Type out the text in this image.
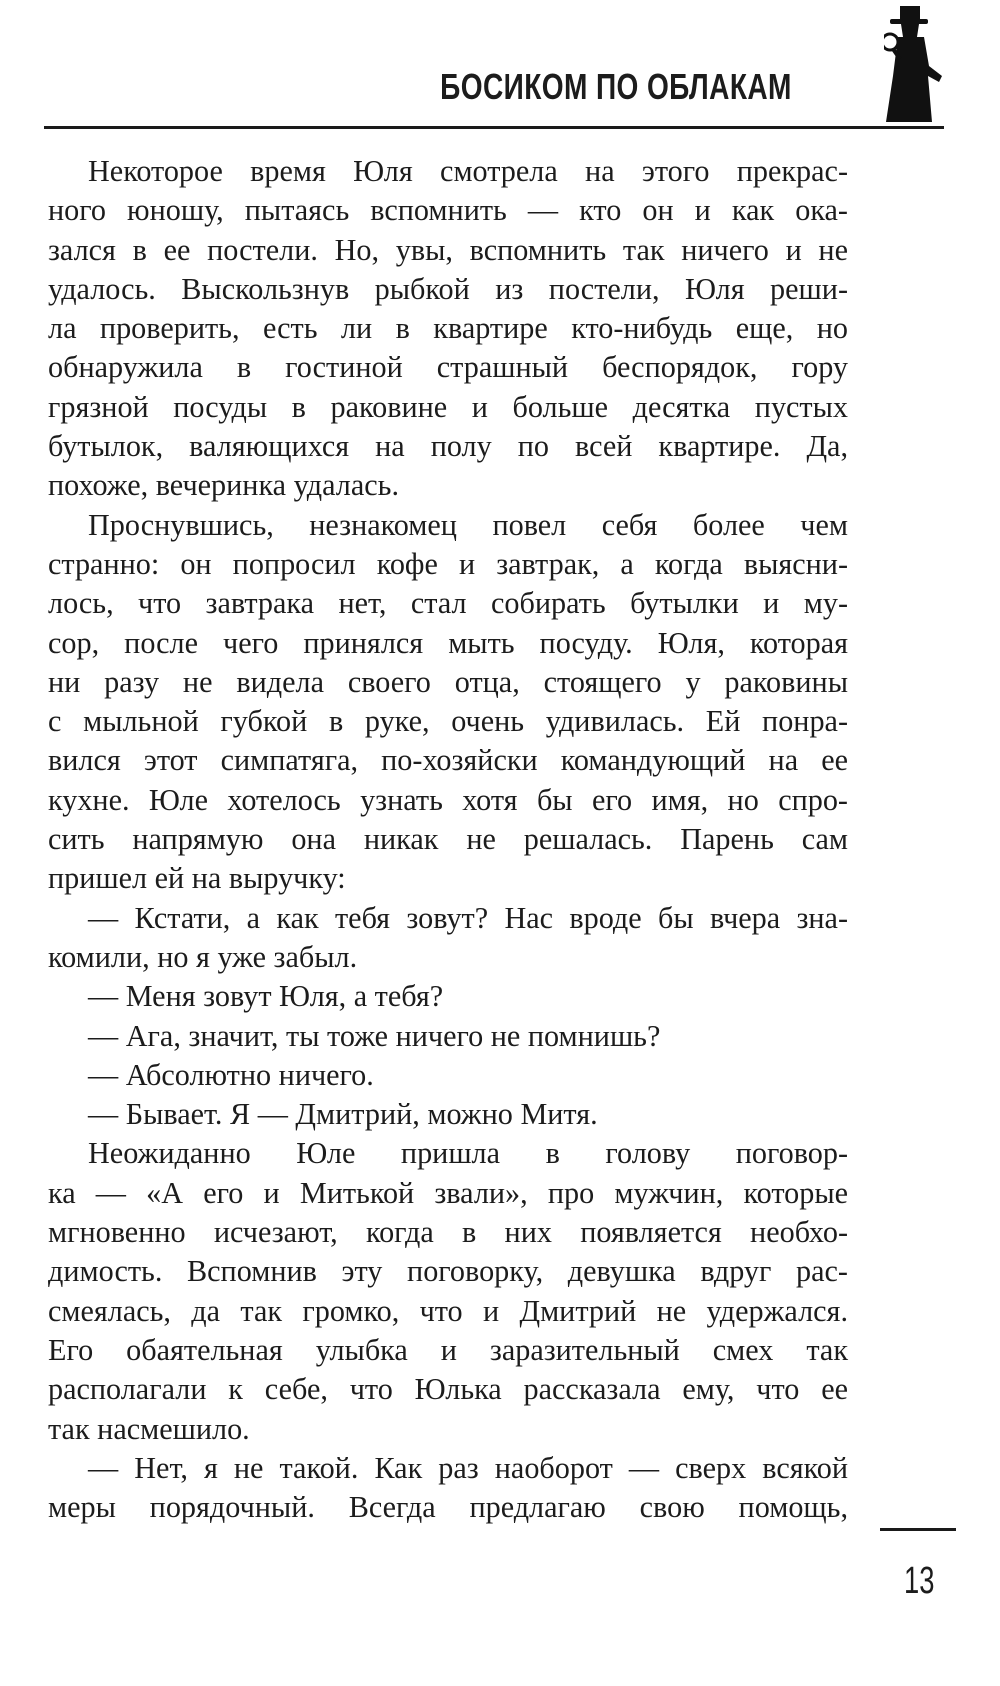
БОСИКОМ ПО ОБЛАКАМ
Некоторое время Юля смотрела на этого прекрас-
ного юношу, пытаясь вспомнить — кто он и как ока-
зался в ее постели. Но, увы, вспомнить так ничего и не
удалось. Выскользнув рыбкой из постели, Юля реши-
ла проверить, есть ли в квартире кто-нибудь еще, но
обнаружила в гостиной страшный беспорядок, гору
грязной посуды в раковине и больше десятка пустых
бутылок, валяющихся на полу по всей квартире. Да,
похоже, вечеринка удалась.
Проснувшись, незнакомец повел себя более чем
странно: он попросил кофе и завтрак, а когда выясни-
лось, что завтрака нет, стал собирать бутылки и му-
сор, после чего принялся мыть посуду. Юля, которая
ни разу не видела своего отца, стоящего у раковины
с мыльной губкой в руке, очень удивилась. Ей понра-
вился этот симпатяга, по-хозяйски командующий на ее
кухне. Юле хотелось узнать хотя бы его имя, но спро-
сить напрямую она никак не решалась. Парень сам
пришел ей на выручку:
— Кстати, а как тебя зовут? Нас вроде бы вчера зна-
комили, но я уже забыл.
— Меня зовут Юля, а тебя?
— Ага, значит, ты тоже ничего не помнишь?
— Абсолютно ничего.
— Бывает. Я — Дмитрий, можно Митя.
Неожиданно Юле пришла в голову поговор-
ка — «А его и Митькой звали», про мужчин, которые
мгновенно исчезают, когда в них появляется необхо-
димость. Вспомнив эту поговорку, девушка вдруг рас-
смеялась, да так громко, что и Дмитрий не удержался.
Его обаятельная улыбка и заразительный смех так
располагали к себе, что Юлька рассказала ему, что ее
так насмешило.
— Нет, я не такой. Как раз наоборот — сверх всякой
меры порядочный. Всегда предлагаю свою помощь,
13
